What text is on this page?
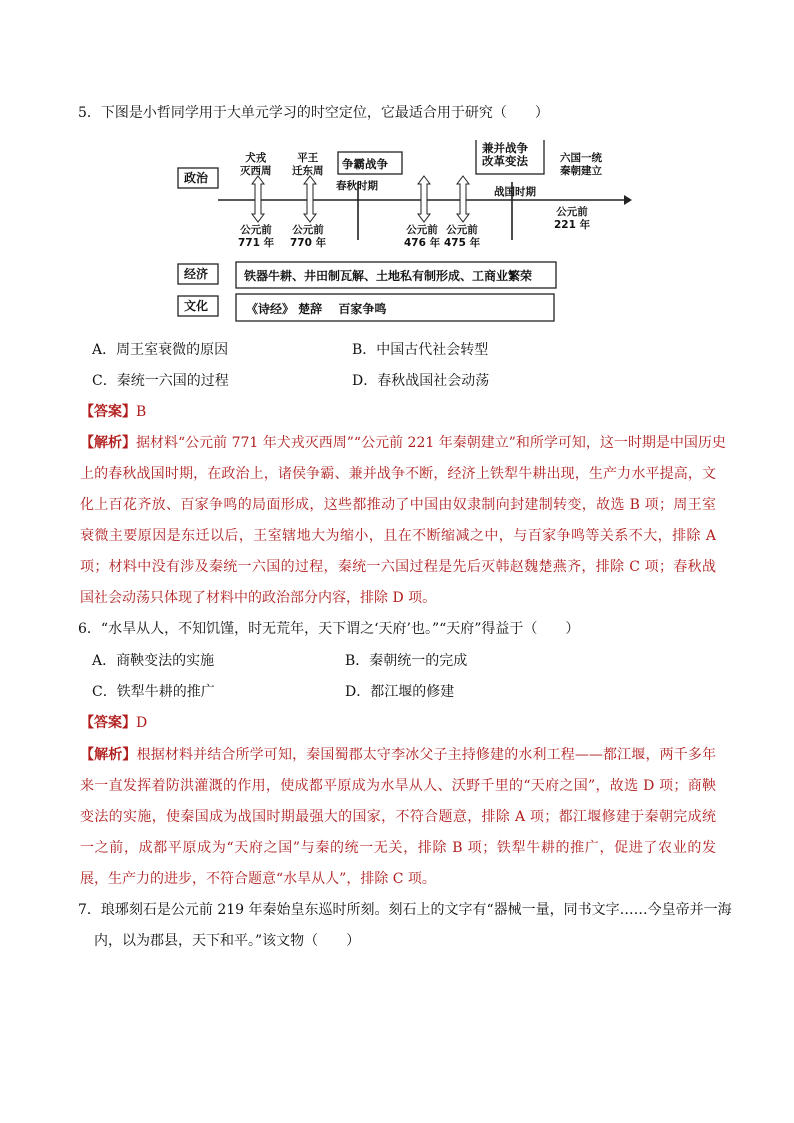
5．下图是小哲同学用于大单元学习的时空定位，它最适合用于研究（　　）
政治
经济
文化
犬戎
灭西周
平王
迁东周 争霸战争
兼并战争
改革变法	六国一统
秦朝建立
春秋时期	战国时期
公元前
771 年
公元前
770 年
公元前
476 年
公元前
475 年
公元前
221 年
铁器牛耕、井田制瓦解、土地私有制形成、工商业繁荣
《诗经》 楚辞　 百家争鸣
A．周王室衰微的原因	B．中国古代社会转型
C．秦统一六国的过程	D．春秋战国社会动荡
【答案】B
【解析】据材料“公元前 771 年犬戎灭西周”“公元前 221 年秦朝建立”和所学可知，这一时期是中国历史
上的春秋战国时期，在政治上，诸侯争霸、兼并战争不断，经济上铁犁牛耕出现，生产力水平提高，文
化上百花齐放、百家争鸣的局面形成，这些都推动了中国由奴隶制向封建制转变，故选 B 项；周王室
衰微主要原因是东迁以后，王室辖地大为缩小，且在不断缩减之中，与百家争鸣等关系不大，排除 A
项；材料中没有涉及秦统一六国的过程，秦统一六国过程是先后灭韩赵魏楚燕齐，排除 C 项；春秋战
国社会动荡只体现了材料中的政治部分内容，排除 D 项。
6．“水旱从人，不知饥馑，时无荒年，天下谓之‘天府’也。”“天府”得益于（　　）
A．商鞅变法的实施	B．秦朝统一的完成
C．铁犁牛耕的推广	D．都江堰的修建
【答案】D
【解析】根据材料并结合所学可知，秦国蜀郡太守李冰父子主持修建的水利工程——都江堰，两千多年
来一直发挥着防洪灌溉的作用，使成都平原成为水旱从人、沃野千里的“天府之国”，故选 D 项；商鞅
变法的实施，使秦国成为战国时期最强大的国家，不符合题意，排除 A 项；都江堰修建于秦朝完成统
一之前，成都平原成为“天府之国”与秦的统一无关，排除 B 项；铁犁牛耕的推广，促进了农业的发
展，生产力的进步，不符合题意“水旱从人”，排除 C 项。
7．琅琊刻石是公元前 219 年秦始皇东巡时所刻。刻石上的文字有“器械一量，同书文字……今皇帝并一海
内，以为郡县，天下和平。”该文物（　　）
